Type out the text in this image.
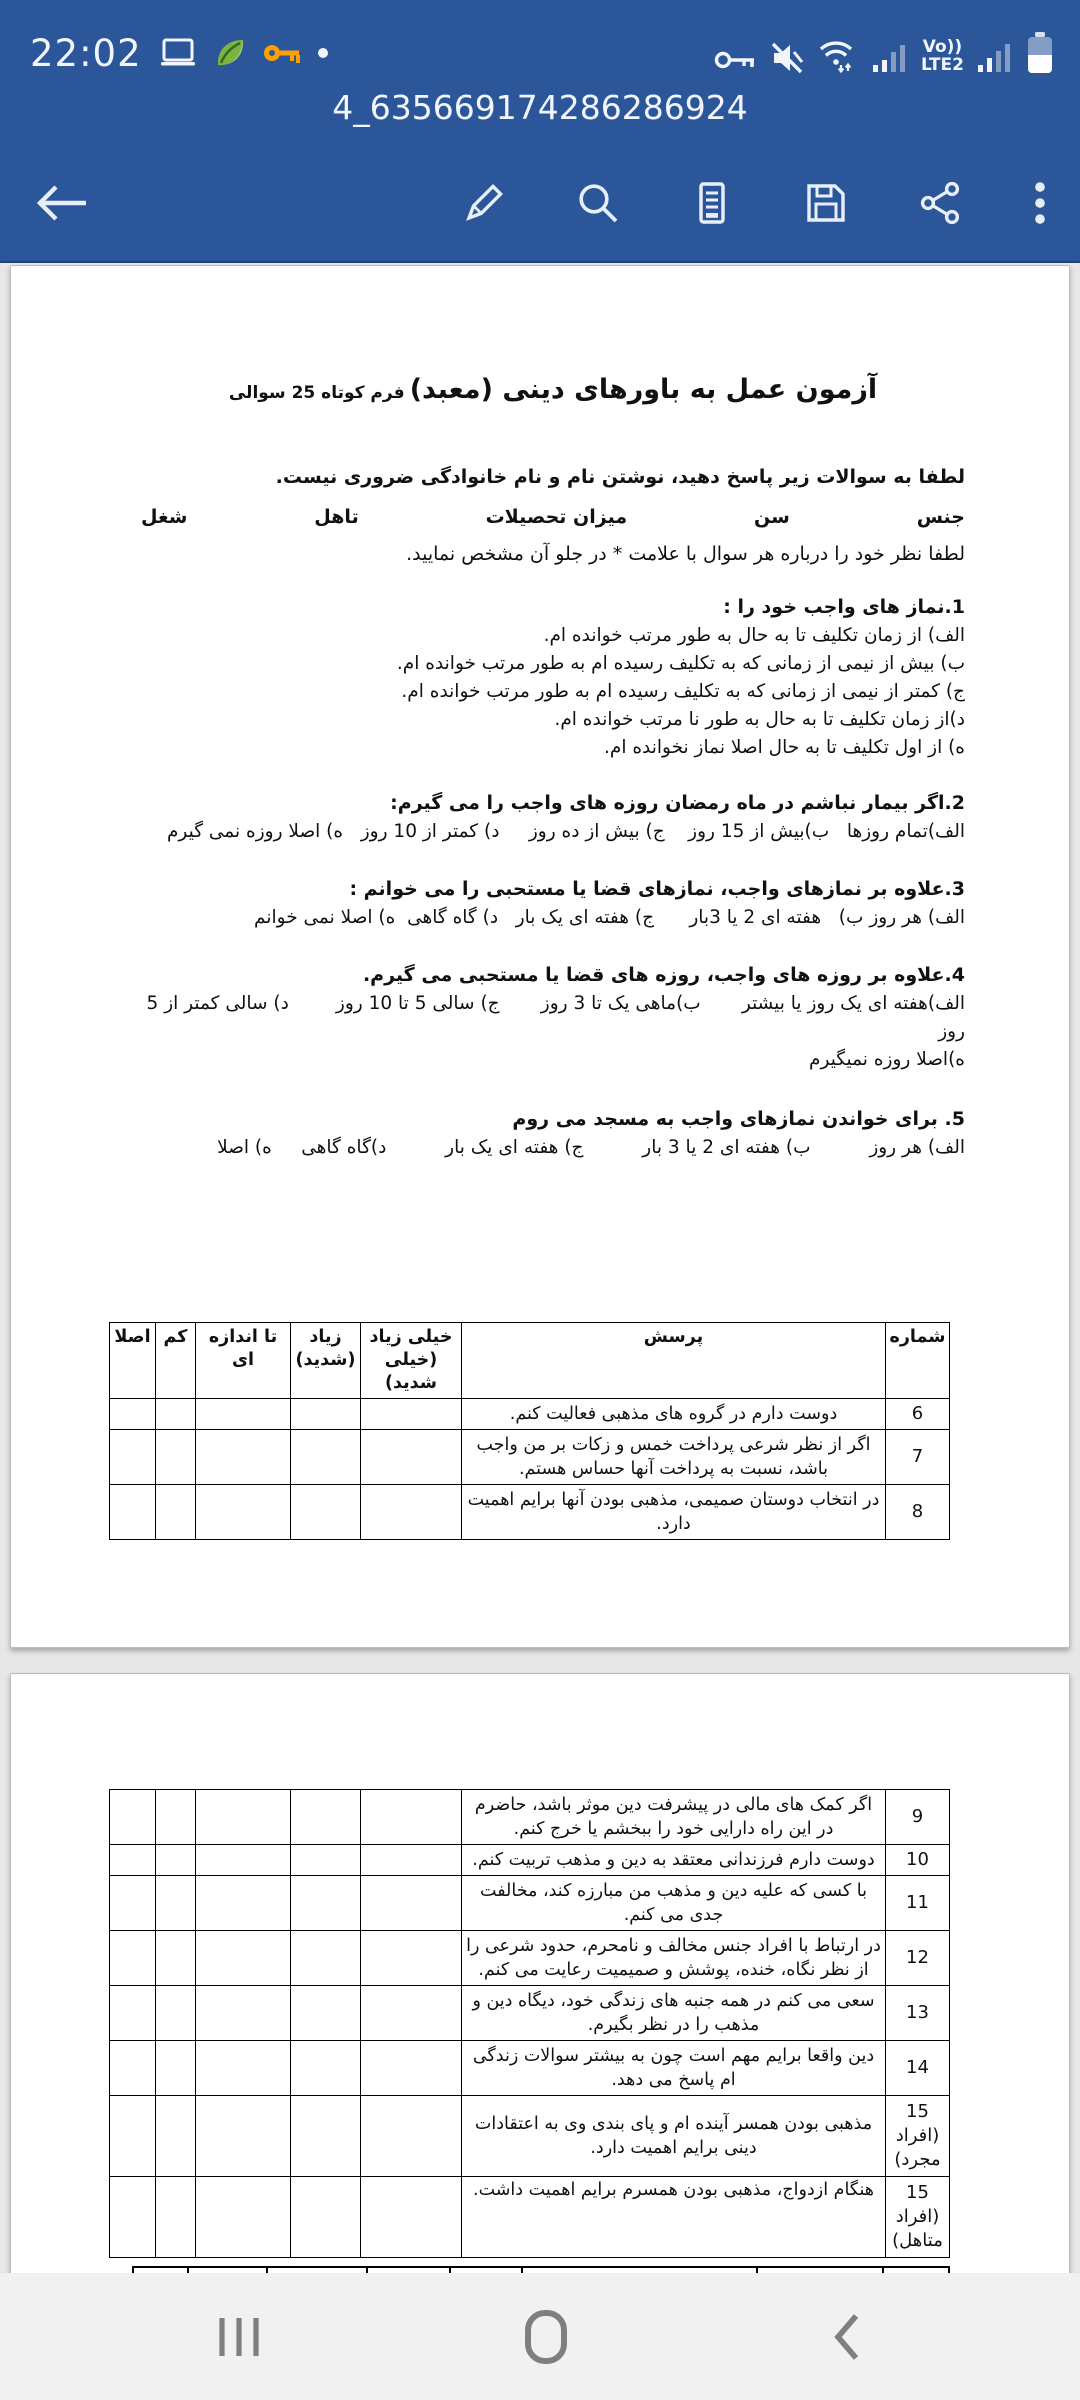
22:02	Vo))
LTE2
4_635669174286286924
آزمون عمل به باورهای دینی (معبد) فرم کوتاه 25 سوالی
لطفا به سوالات زیر پاسخ دهید، نوشتن نام و نام خانوادگی ضروری نیست.
جنس
سن
میزان تحصیلات
تاهل
شغل
لطفا نظر خود را درباره هر سوال با علامت * در جلو آن مشخص نمایید.
1.نماز های واجب خود را :
الف) از زمان تکلیف تا به حال به طور مرتب خوانده ام.
ب) بیش از نیمی از زمانی که به تکلیف رسیده ام به طور مرتب خوانده ام.
ج) کمتر از نیمی از زمانی که به تکلیف رسیده ام به طور مرتب خوانده ام.
د)از زمان تکلیف تا به حال به طور نا مرتب خوانده ام.
ه) از اول تکلیف تا به حال اصلا نماز نخوانده ام.
2.اگر بیمار نباشم در ماه رمضان روزه های واجب را می گیرم:
الف)تمام روزها   ب)بیش از 15 روز    ج) بیش از ده روز     د) کمتر از 10 روز   ه) اصلا روزه نمی گیرم
3.علاوه بر نمازهای واجب، نمازهای قضا یا مستحبی را می خوانم :
الف) هر روز ب)   هفته ای 2 یا 3بار      ج) هفته ای یک بار   د) گاه گاهی  ه) اصلا نمی خوانم
4.علاوه بر روزه های واجب، روزه های قضا یا مستحبی می گیرم.
الف)هفته ای یک روز یا بیشتر       ب)ماهی یک تا 3 روز       ج) سالی 5 تا 10 روز        د) سالی کمتر از 5 روز
ه)اصلا روزه نمیگیرم
5. برای خواندن نمازهای واجب به مسجد می روم
الف) هر روز          ب) هفته ای 2 یا 3 بار          ج) هفته ای یک بار          د)گاه گاهی     ه) اصلا
شماره	پرسش	خیلی زیاد (خیلی شدید)	زیاد (شدید)	تا اندازه ای	کم	اصلا
6	دوست دارم در گروه های مذهبی فعالیت کنم.					
7	اگر از نظر شرعی پرداخت خمس و زکات بر من واجب باشد، نسبت به پرداخت آنها حساس هستم.					
8	در انتخاب دوستان صمیمی، مذهبی بودن آنها برایم اهمیت دارد.					
9	اگر کمک های مالی در پیشرفت دین موثر باشد، حاضرم در این راه دارایی خود را ببخشم یا خرج کنم.					
10	دوست دارم فرزندانی معتقد به دین و مذهب تربیت کنم.					
11	با کسی که علیه دین و مذهب من مبارزه کند، مخالفت جدی می کنم.					
12	در ارتباط با افراد جنس مخالف و نامحرم، حدود شرعی را از نظر نگاه، خنده، پوشش و صمیمیت رعایت می کنم.					
13	سعی می کنم در همه جنبه های زندگی خود، دیگاه دین و مذهب را در نظر بگیرم.					
14	دین واقعا برایم مهم است چون به بیشتر سوالات زندگی ام پاسخ می دهد.					

15
(افراد مجرد)	مذهبی بودن همسر آینده ام و پای بندی وی به اعتقادات دینی برایم اهمیت دارد.					

15
(افراد متاهل)	هنگام ازدواج، مذهبی بودن همسرم برایم اهمیت داشت.					
